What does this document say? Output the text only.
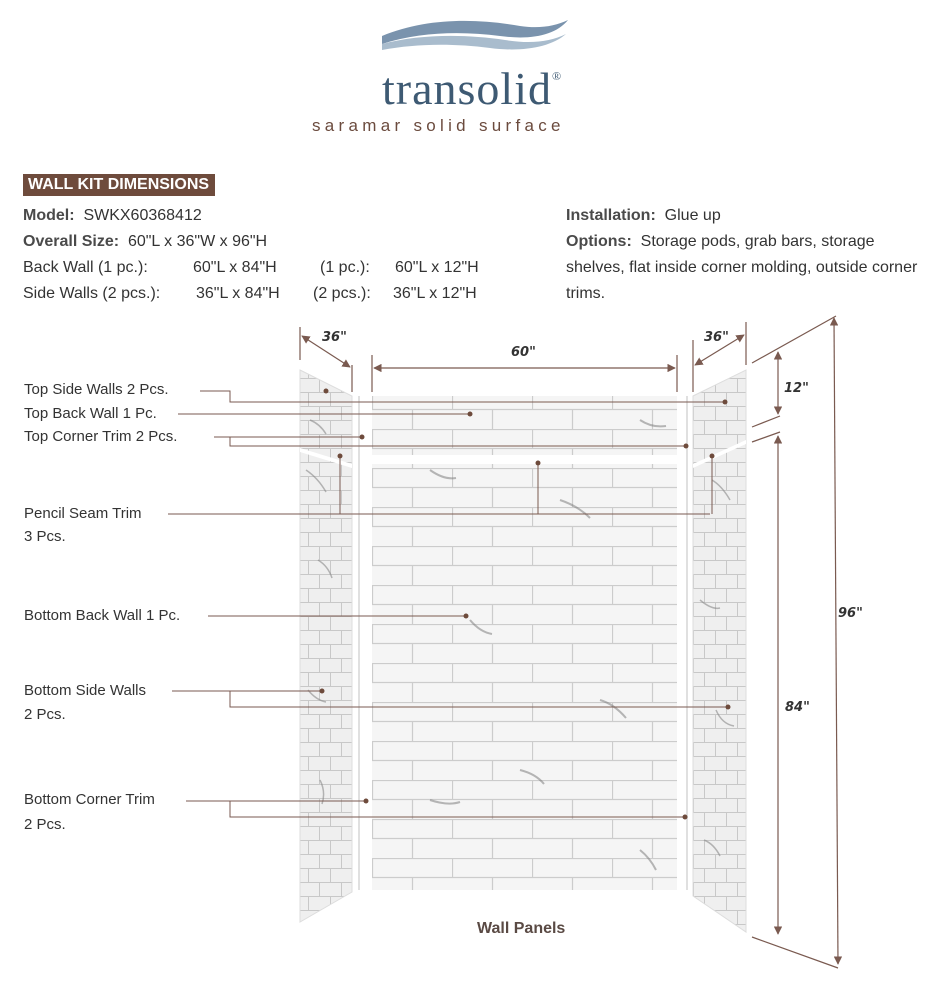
transolid®
saramar solid surface
WALL KIT DIMENSIONS
Model: SWKX60368412
Overall Size: 60"L x 36"W x 96"H
Back Wall (1 pc.):	60"L x 84"H	(1 pc.): 60"L x 12"H
Side Walls (2 pcs.): 36"L x 84"H (2 pcs.): 36"L x 12"H
Installation: Glue up
Options: Storage pods, grab bars, storage shelves, flat inside corner molding, outside corner trims.
Top Side Walls 2 Pcs.
Top Back Wall 1 Pc.
Top Corner Trim 2 Pcs.
Pencil Seam Trim
3 Pcs.
Bottom Back Wall 1 Pc.
Bottom Side Walls
2 Pcs.
Bottom Corner Trim
2 Pcs.
36"
60"
36"
12"
96"
84"
Wall Panels
